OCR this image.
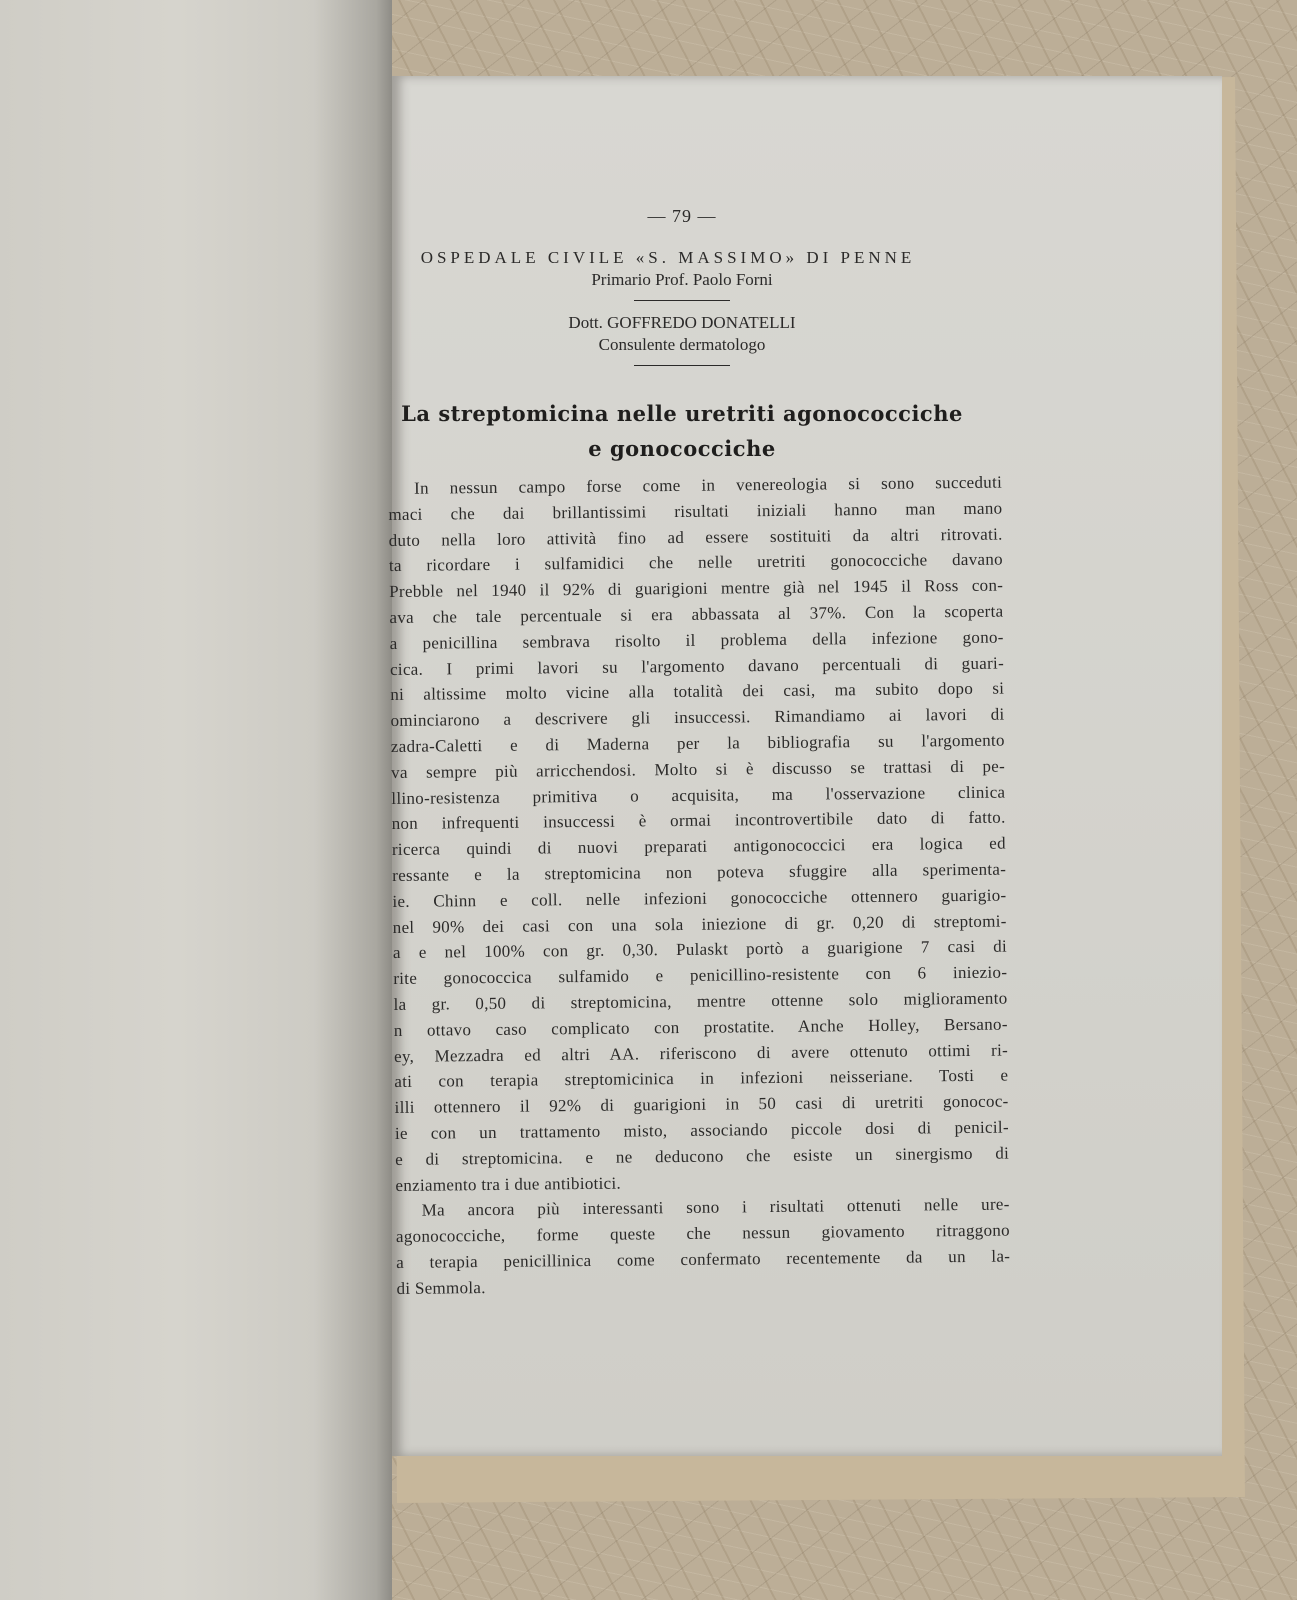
— 79 —
OSPEDALE CIVILE «S. MASSIMO» DI PENNE
Primario Prof. Paolo Forni
Dott. GOFFREDO DONATELLI
Consulente dermatologo
La streptomicina nelle uretriti agonococciche
e gonococciche
In nessun campo forse come in venereologia si sono succeduti
maci che dai brillantissimi risultati iniziali hanno man mano
duto nella loro attività fino ad essere sostituiti da altri ritrovati.
ta ricordare i sulfamidici che nelle uretriti gonococciche davano
Prebble nel 1940 il 92% di guarigioni mentre già nel 1945 il Ross con-
ava che tale percentuale si era abbassata al 37%. Con la scoperta
a penicillina sembrava risolto il problema della infezione gono-
cica. I primi lavori su l'argomento davano percentuali di guari-
ni altissime molto vicine alla totalità dei casi, ma subito dopo si
ominciarono a descrivere gli insuccessi. Rimandiamo ai lavori di
zadra-Caletti e di Maderna per la bibliografia su l'argomento
va sempre più arricchendosi. Molto si è discusso se trattasi di pe-
llino-resistenza primitiva o acquisita, ma l'osservazione clinica
non infrequenti insuccessi è ormai incontrovertibile dato di fatto.
ricerca quindi di nuovi preparati antigonococcici era logica ed
ressante e la streptomicina non poteva sfuggire alla sperimenta-
ie. Chinn e coll. nelle infezioni gonococciche ottennero guarigio-
nel 90% dei casi con una sola iniezione di gr. 0,20 di streptomi-
a e nel 100% con gr. 0,30. Pulaskt portò a guarigione 7 casi di
rite gonococcica sulfamido e penicillino-resistente con 6 iniezio-
la gr. 0,50 di streptomicina, mentre ottenne solo miglioramento
n ottavo caso complicato con prostatite. Anche Holley, Bersano-
ey, Mezzadra ed altri AA. riferiscono di avere ottenuto ottimi ri-
ati con terapia streptomicinica in infezioni neisseriane. Tosti e
illi ottennero il 92% di guarigioni in 50 casi di uretriti gonococ-
ie con un trattamento misto, associando piccole dosi di penicil-
e di streptomicina. e ne deducono che esiste un sinergismo di
enziamento tra i due antibiotici.
Ma ancora più interessanti sono i risultati ottenuti nelle ure-
agonococciche, forme queste che nessun giovamento ritraggono
a terapia penicillinica come confermato recentemente da un la-
di Semmola.
